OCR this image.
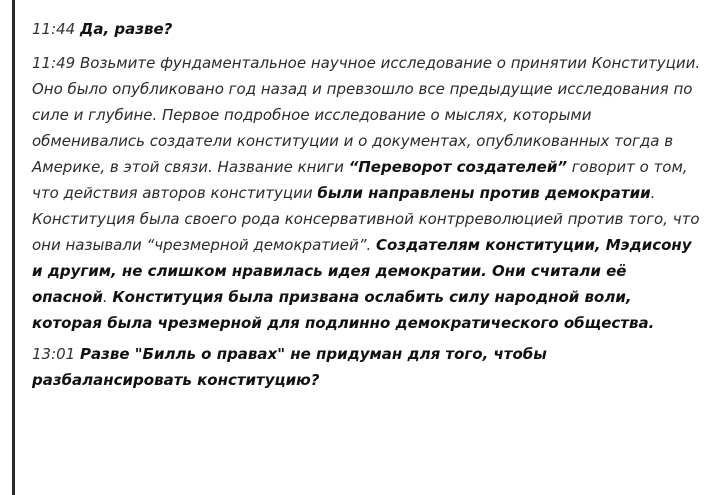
11:44 Да, разве?

11:49 Возьмите фундаментальное научное исследование о принятии Конституции. Оно было опубликовано год назад и превзошло все предыдущие исследования по силе и глубине. Первое подробное исследование о мыслях, которыми обменивались создатели конституции и о документах, опубликованных тогда в Америке, в этой связи. Название книги “Переворот создателей” говорит о том, что действия авторов конституции были направлены против демократии. Конституция была своего рода консервативной контрреволюцией против того, что они называли “чрезмерной демократией”. Создателям конституции, Мэдисону и другим, не слишком нравилась идея демократии. Они считали её опасной. Конституция была призвана ослабить силу народной воли, которая была чрезмерной для подлинно демократического общества.

13:01 Разве "Билль о правах" не придуман для того, чтобы разбалансировать конституцию?
